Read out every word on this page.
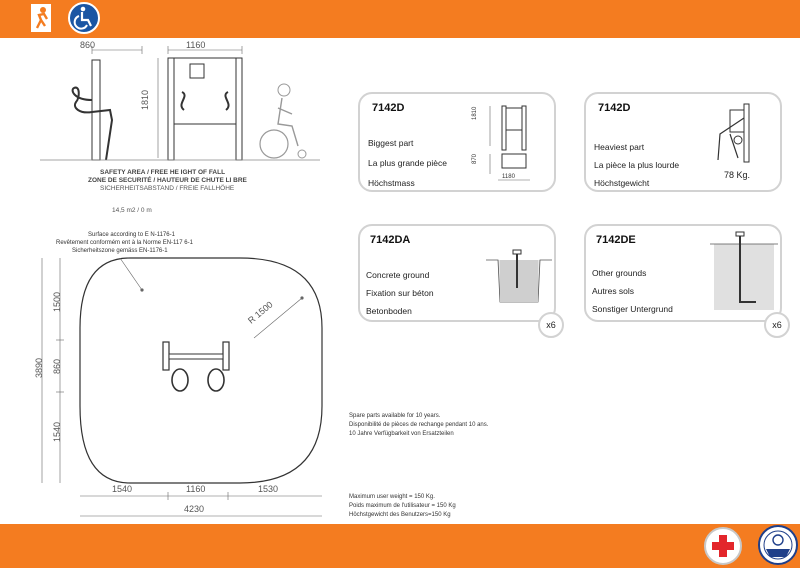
860	1160
1810
SAFETY AREA / FREE HE IGHT OF FALL
ZONE DE SECURITÉ / HAUTEUR DE CHUTE LI BRE
SICHERHEITSABSTAND / FREIE FALLHÖHE
14,5 m2 / 0 m
Surface according to E N-1176-1
Revêtement conformém ent à la Norme EN-117 6-1
Sicherheitszone gemäss EN-1176-1
R 1500
3890
1500
860
1540
1540	1160	1530
4230
7142D
Biggest part
La plus grande pièce
Höchstmass
1810
870
1180
7142D
Heaviest part
La pièce la plus lourde
Höchstgewicht
78 Kg.
7142DA
Concrete ground
Fixation sur béton
Betonboden
x6
7142DE
Other grounds
Autres sols
Sonstiger Untergrund
x6
Spare parts available for 10 years.
Disponibilité de pièces de rechange pendant 10 ans.
10 Jahre Verfügbarkeit von Ersatzteilen
Maximum user weight = 150 Kg.
Poids maximum de l'utilisateur = 150 Kg
Höchstgewicht des Benutzers=150 Kg
